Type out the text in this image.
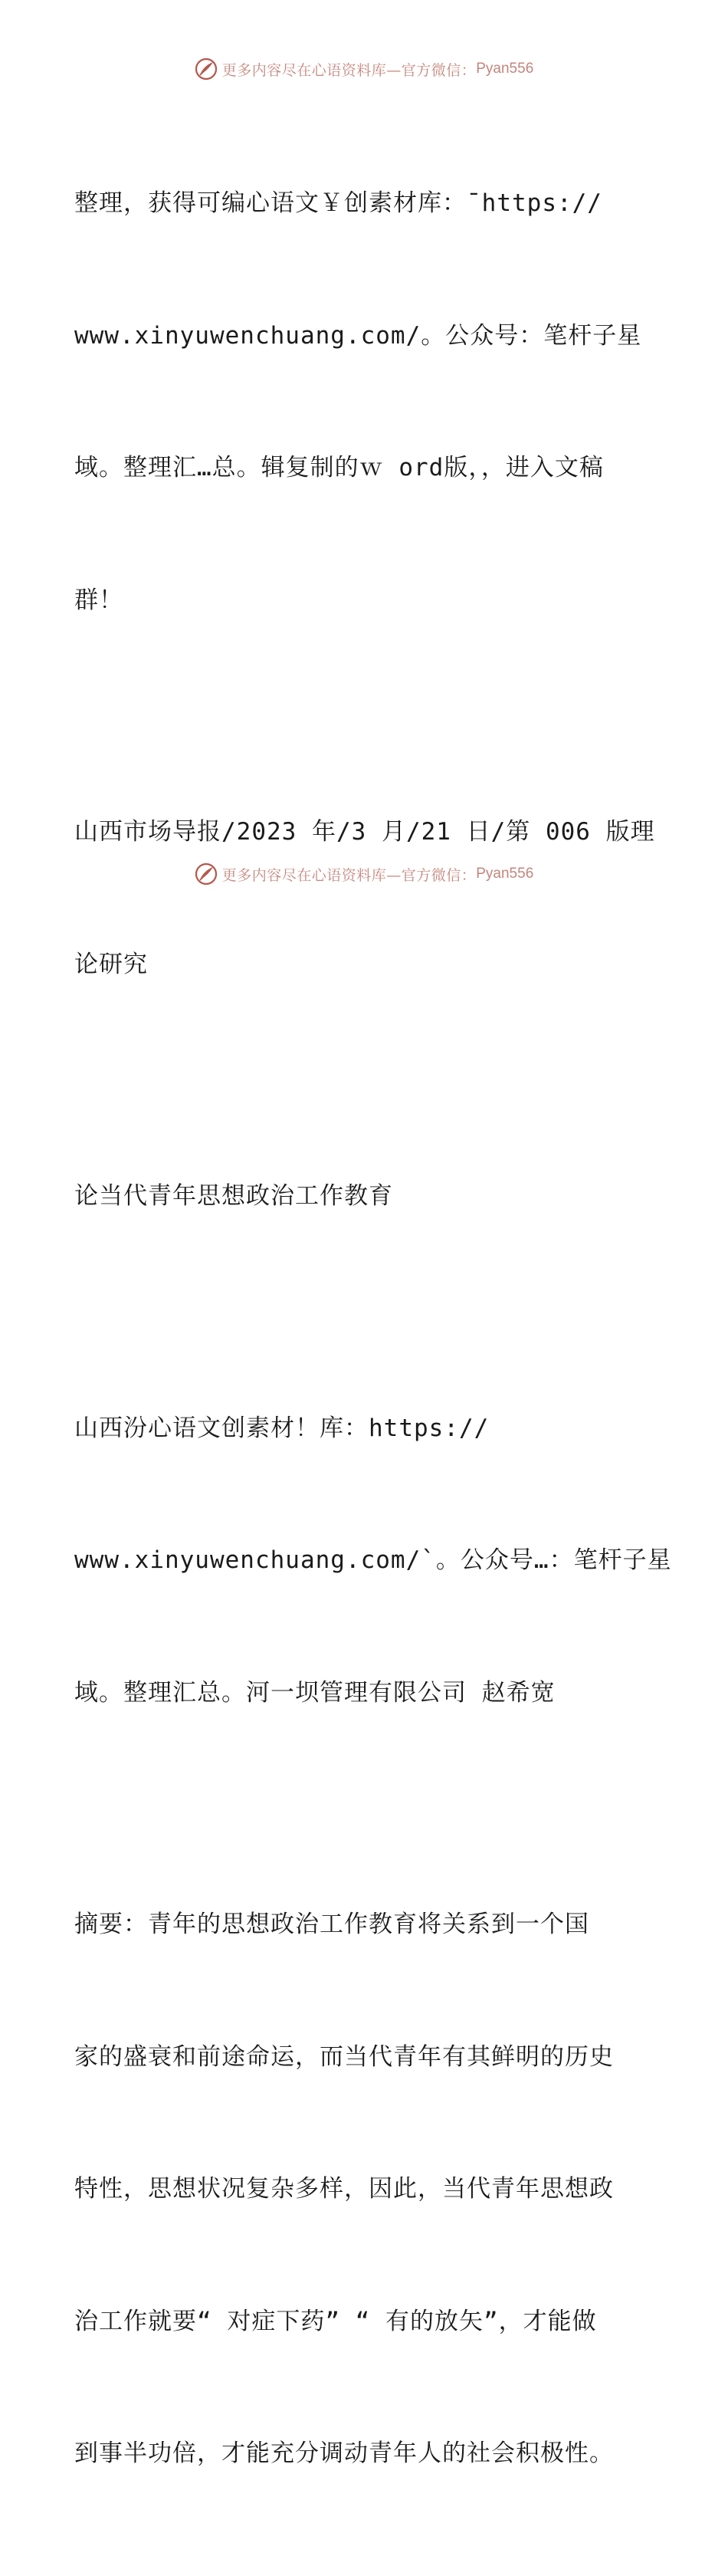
更多内容尽在心语资料库—官方微信： Pyan556

整理，获得可编心语文￥创素材库：¯https://

www.xinyuwenchuang.com/。公众号：笔杆子星

域。整理汇…总。辑复制的ｗ ord版，，进入文稿

群！

山西市场导报/2023 年/3 月/21 日/第 006 版理

论研究

论当代青年思想政治工作教育

山西汾心语文创素材！库：https://

www.xinyuwenchuang.com/`。公众号…：笔杆子星

域。整理汇总。河一坝管理有限公司 赵希宽

摘要：青年的思想政治工作教育将关系到一个国

家的盛衰和前途命运，而当代青年有其鲜明的历史

特性，思想状况复杂多样，因此，当代青年思想政

治工作就要“ 对症下药” “ 有的放矢”，才能做

到事半功倍，才能充分调动青年人的社会积极性。

更多内容尽在心语资料库—官方微信： Pyan556
